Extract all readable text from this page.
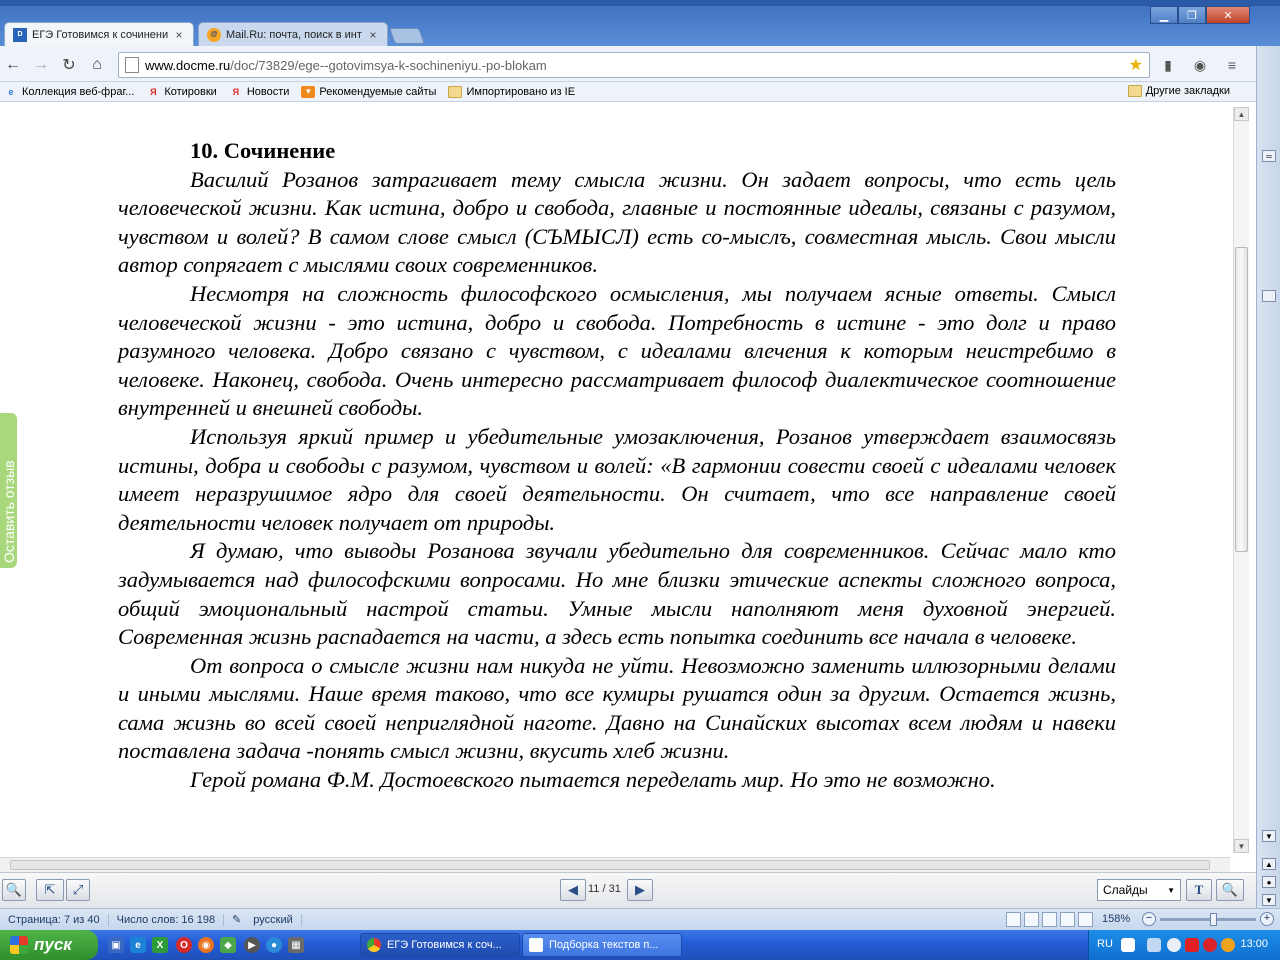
═
▼
▲
●
▼
D ЕГЭ Готовимся к сочинени ×	@ Mail.Ru: почта, поиск в инт ×
▁	❐	✕
← → ↻	⌂	www.docme.ru /doc/73829/ege--gotovimsya-k-sochineniyu.-po-blokam	★	▮	◉	≡
e Коллекция веб-фраг...	Я Котировки	Я Новости	▾ Рекомендуемые сайты	Импортировано из IE	Другие закладки
10. Сочинение

Василий Розанов затрагивает тему смысла жизни. Он задает вопросы, что есть цель человеческой жизни. Как истина, добро и свобода, главные и постоянные идеалы, связаны с разумом, чувством и волей? В самом слове смысл (СЪМЫСЛ) есть со-мыслъ, совместная мысль. Свои мысли автор сопрягает с мыслями своих современников.

Несмотря на сложность философского осмысления, мы получаем ясные ответы. Смысл человеческой жизни - это истина, добро и свобода. Потребность в истине - это долг и право разумного человека. Добро связано с чувством, с идеалами влечения к которым неистребимо в человеке. Наконец, свобода. Очень интересно рассматривает философ диалектическое соотношение внутренней и внешней свободы.

Используя яркий пример и убедительные умозаключения, Розанов утверждает взаимосвязь истины, добра и свободы с разумом, чувством и волей: «В гармонии совести своей с идеалами человек имеет неразрушимое ядро для своей деятельности. Он считает, что все направление своей деятельности человек получает от природы.

Я думаю, что выводы Розанова звучали убедительно для современников. Сейчас мало кто задумывается над философскими вопросами. Но мне близки этические аспекты сложного вопроса, общий эмоциональный настрой статьи. Умные мысли наполняют меня духовной энергией. Современная жизнь распадается на части, а здесь есть попытка соединить все начала в человеке.

От вопроса о смысле жизни нам никуда не уйти. Невозможно заменить иллюзорными делами и иными мыслями. Наше время таково, что все кумиры рушатся один за другим. Остается жизнь, сама жизнь во всей своей неприглядной наготе. Давно на Синайских высотах всем людям и навеки поставлена задача -понять смысл жизни, вкусить хлеб жизни.

Герой романа Ф.М. Достоевского пытается переделать мир. Но это не возможно.

▲
▼
Оставить отзыв
🔍	⇱	⤢	◀ 11 / 31	▶	Слайды ▼	T	🔍
Страница: 7 из 40	Число слов: 16 198	✎	русский	158%	−	+
пуск	▣	e	X	O	◉	◆	▶	●	▦	ЕГЭ Готовимся к соч...	Подборка текстов п...	RU	13:00
